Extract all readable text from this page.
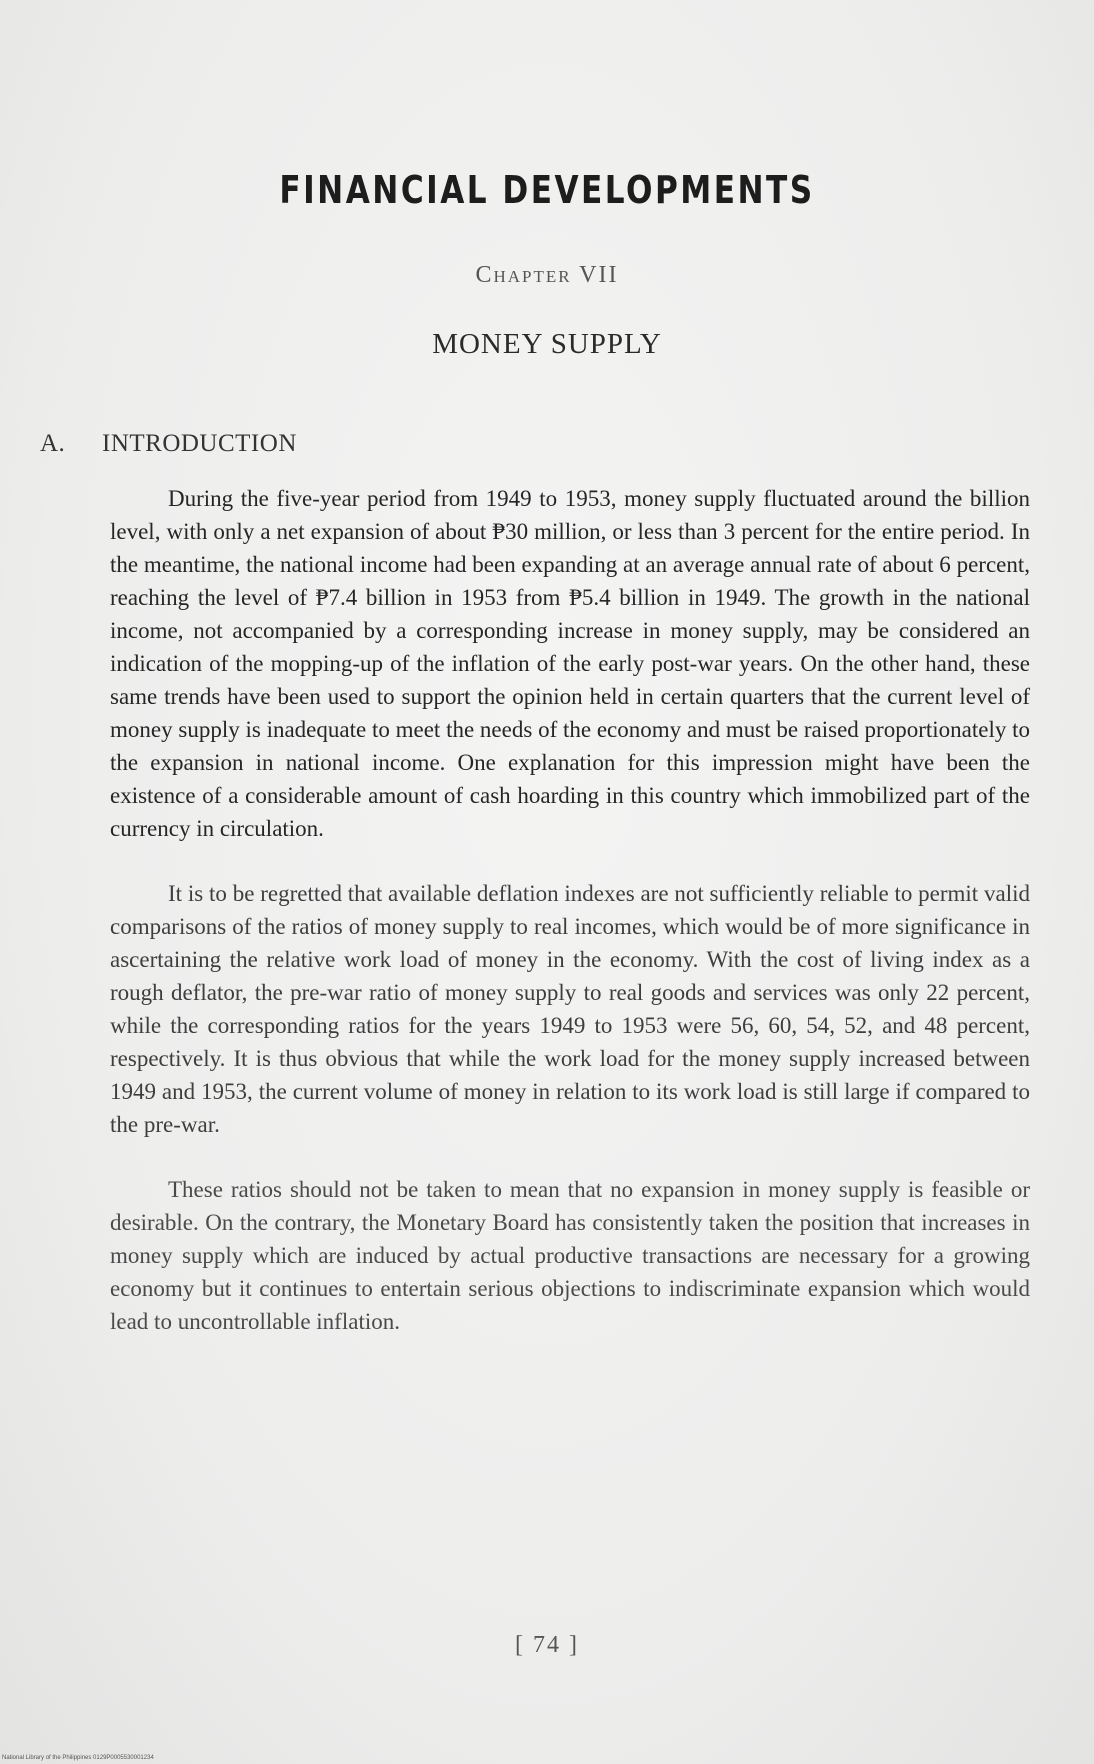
FINANCIAL DEVELOPMENTS
Chapter VII
MONEY SUPPLY
A. INTRODUCTION

During the five-year period from 1949 to 1953, money supply fluctuated around the billion level, with only a net expansion of about ₱30 million, or less than 3 percent for the entire period. In the meantime, the national income had been expanding at an average annual rate of about 6 percent, reaching the level of ₱7.4 billion in 1953 from ₱5.4 billion in 1949. The growth in the national income, not accompanied by a corresponding increase in money supply, may be considered an indication of the mopping-up of the inflation of the early post-war years. On the other hand, these same trends have been used to support the opinion held in certain quarters that the current level of money supply is inadequate to meet the needs of the economy and must be raised proportionately to the expansion in national income. One explanation for this impression might have been the existence of a considerable amount of cash hoarding in this country which immobilized part of the currency in circulation.

It is to be regretted that available deflation indexes are not sufficiently reliable to permit valid comparisons of the ratios of money supply to real incomes, which would be of more significance in ascertaining the relative work load of money in the economy. With the cost of living index as a rough deflator, the pre-war ratio of money supply to real goods and services was only 22 percent, while the corresponding ratios for the years 1949 to 1953 were 56, 60, 54, 52, and 48 percent, respectively. It is thus obvious that while the work load for the money supply increased between 1949 and 1953, the current volume of money in relation to its work load is still large if compared to the pre-war.

These ratios should not be taken to mean that no expansion in money supply is feasible or desirable. On the contrary, the Monetary Board has consistently taken the position that increases in money supply which are induced by actual productive transactions are necessary for a growing economy but it continues to entertain serious objections to indiscriminate expansion which would lead to uncontrollable inflation.

[ 74 ]
National Library of the Philippines 0129P0005530001234
